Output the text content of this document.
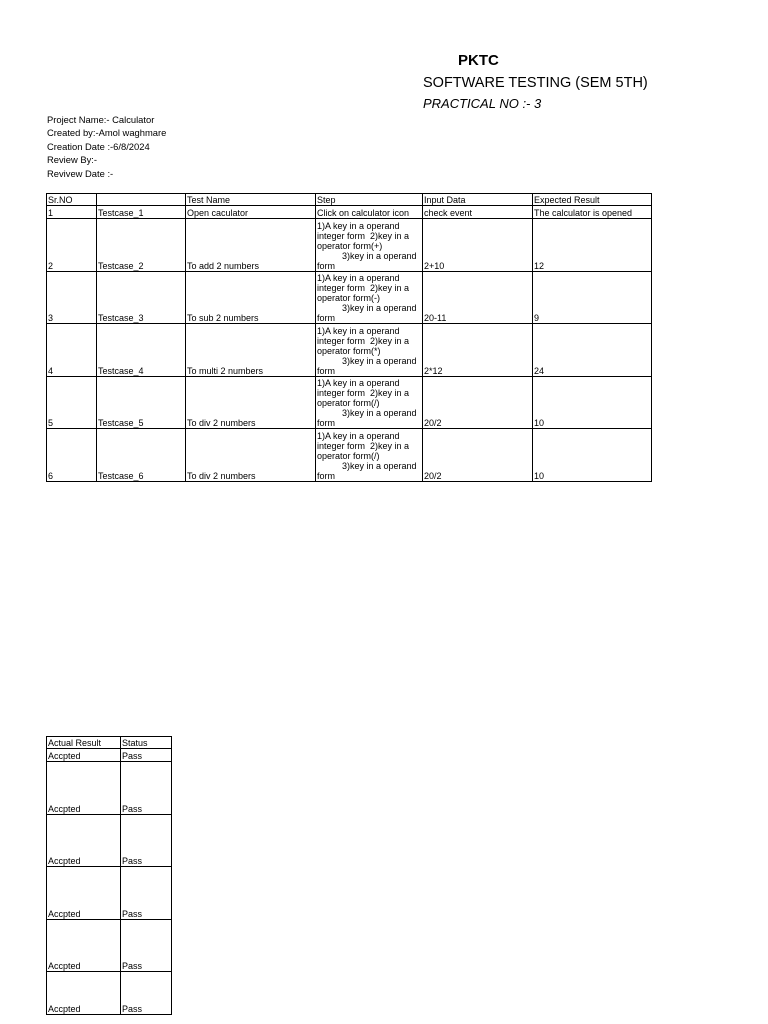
PKTC
SOFTWARE TESTING (SEM 5TH)
PRACTICAL NO :- 3
Project Name:- Calculator
Created by:-Amol waghmare
Creation Date :-6/8/2024
Review By:-
Revivew Date :-
Sr.NO		Test Name	Step	Input Data	Expected Result
1	Testcase_1	Open caculator	Click on calculator icon	check event	The calculator is opened
2	Testcase_2	To add 2 numbers	1)A key in a operand integer form  2)key in a operator form(+)
3)key in a operand form	2+10	12
3	Testcase_3	To sub 2 numbers	1)A key in a operand integer form  2)key in a operator form(-)
3)key in a operand form	20-11	9
4	Testcase_4	To multi 2 numbers	1)A key in a operand integer form  2)key in a operator form(*)
3)key in a operand form	2*12	24
5	Testcase_5	To div 2 numbers	1)A key in a operand integer form  2)key in a operator form(/)
3)key in a operand form	20/2	10
6	Testcase_6	To div 2 numbers	1)A key in a operand integer form  2)key in a operator form(/)
3)key in a operand form	20/2	10
Actual Result	Status
Accpted	Pass
Accpted	Pass
Accpted	Pass
Accpted	Pass
Accpted	Pass
Accpted	Pass
